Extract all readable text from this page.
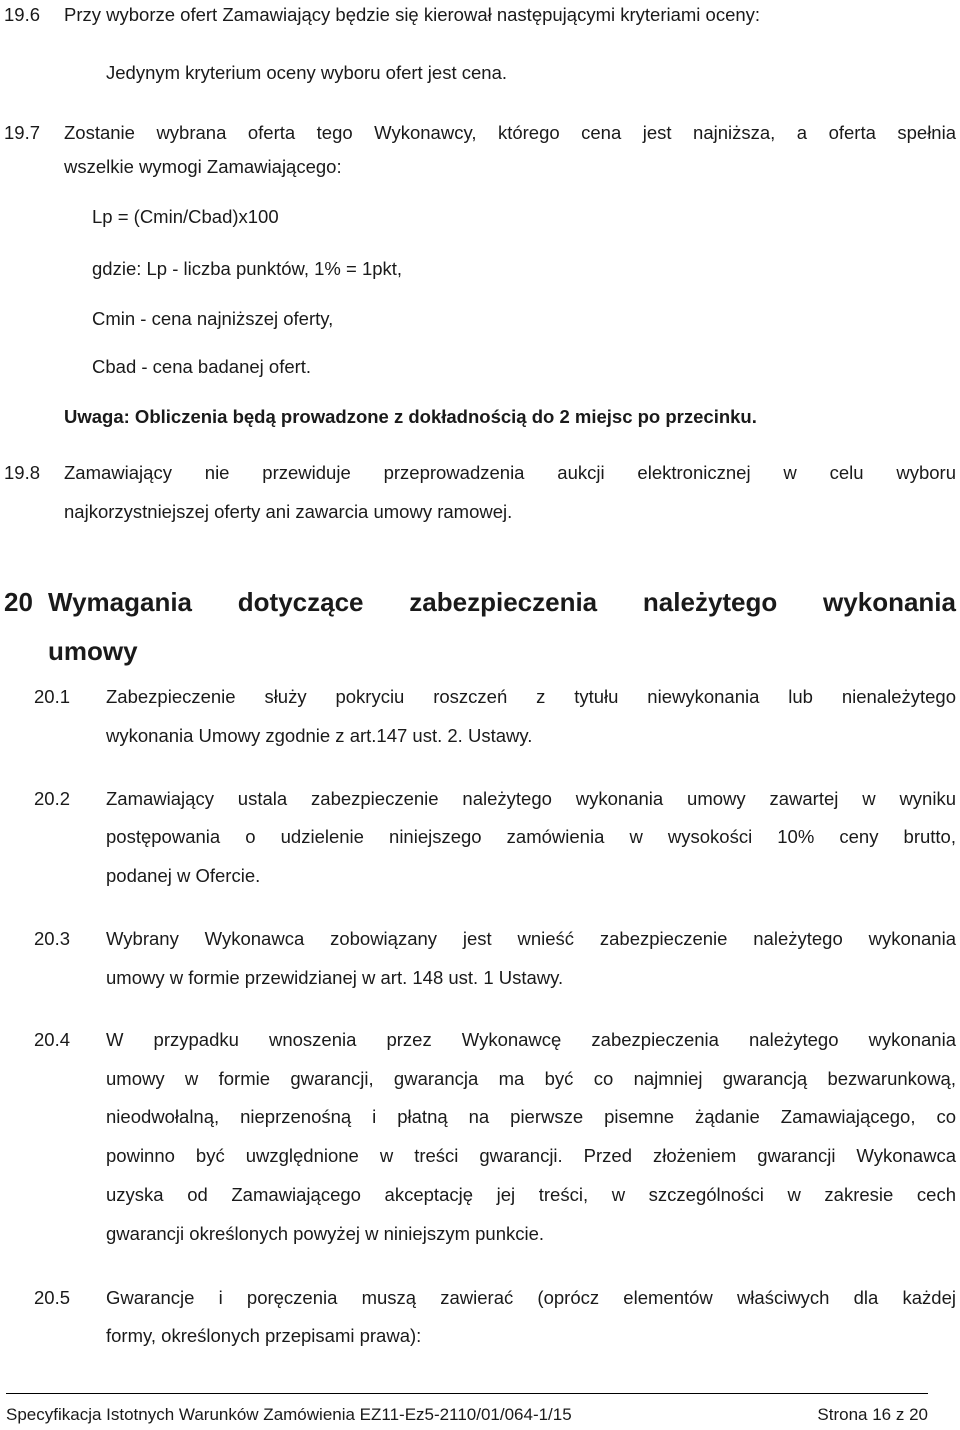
19.6 Przy wyborze ofert Zamawiający będzie się kierował następującymi kryteriami oceny:
Jedynym kryterium oceny wyboru ofert jest cena.
19.7 Zostanie wybrana oferta tego Wykonawcy, którego cena jest najniższa, a oferta spełnia
wszelkie wymogi Zamawiającego:
Lp = (Cmin/Cbad)x100
gdzie: Lp - liczba punktów, 1% = 1pkt,
Cmin - cena najniższej oferty,
Cbad - cena badanej ofert.
Uwaga: Obliczenia będą prowadzone z dokładnością do 2 miejsc po przecinku.
19.8 Zamawiający nie przewiduje przeprowadzenia aukcji elektronicznej w celu wyboru
najkorzystniejszej oferty ani zawarcia umowy ramowej.
20 Wymagania dotyczące zabezpieczenia należytego wykonania
umowy
20.1 Zabezpieczenie służy pokryciu roszczeń z tytułu niewykonania lub nienależytego
wykonania Umowy zgodnie z art.147 ust. 2. Ustawy.
20.2 Zamawiający ustala zabezpieczenie należytego wykonania umowy zawartej w wyniku
postępowania o udzielenie niniejszego zamówienia w wysokości 10% ceny brutto,
podanej w Ofercie.
20.3 Wybrany Wykonawca zobowiązany jest wnieść zabezpieczenie należytego wykonania
umowy w formie przewidzianej w art. 148 ust. 1 Ustawy.
20.4 W przypadku wnoszenia przez Wykonawcę zabezpieczenia należytego wykonania
umowy w formie gwarancji, gwarancja ma być co najmniej gwarancją bezwarunkową,
nieodwołalną, nieprzenośną i płatną na pierwsze pisemne żądanie Zamawiającego, co
powinno być uwzględnione w treści gwarancji. Przed złożeniem gwarancji Wykonawca
uzyska od Zamawiającego akceptację jej treści, w szczególności w zakresie cech
gwarancji określonych powyżej w niniejszym punkcie.
20.5 Gwarancje i poręczenia muszą zawierać (oprócz elementów właściwych dla każdej
formy, określonych przepisami prawa):
Specyfikacja Istotnych Warunków Zamówienia EZ11-Ez5-2110/01/064-1/15	Strona 16 z 20
